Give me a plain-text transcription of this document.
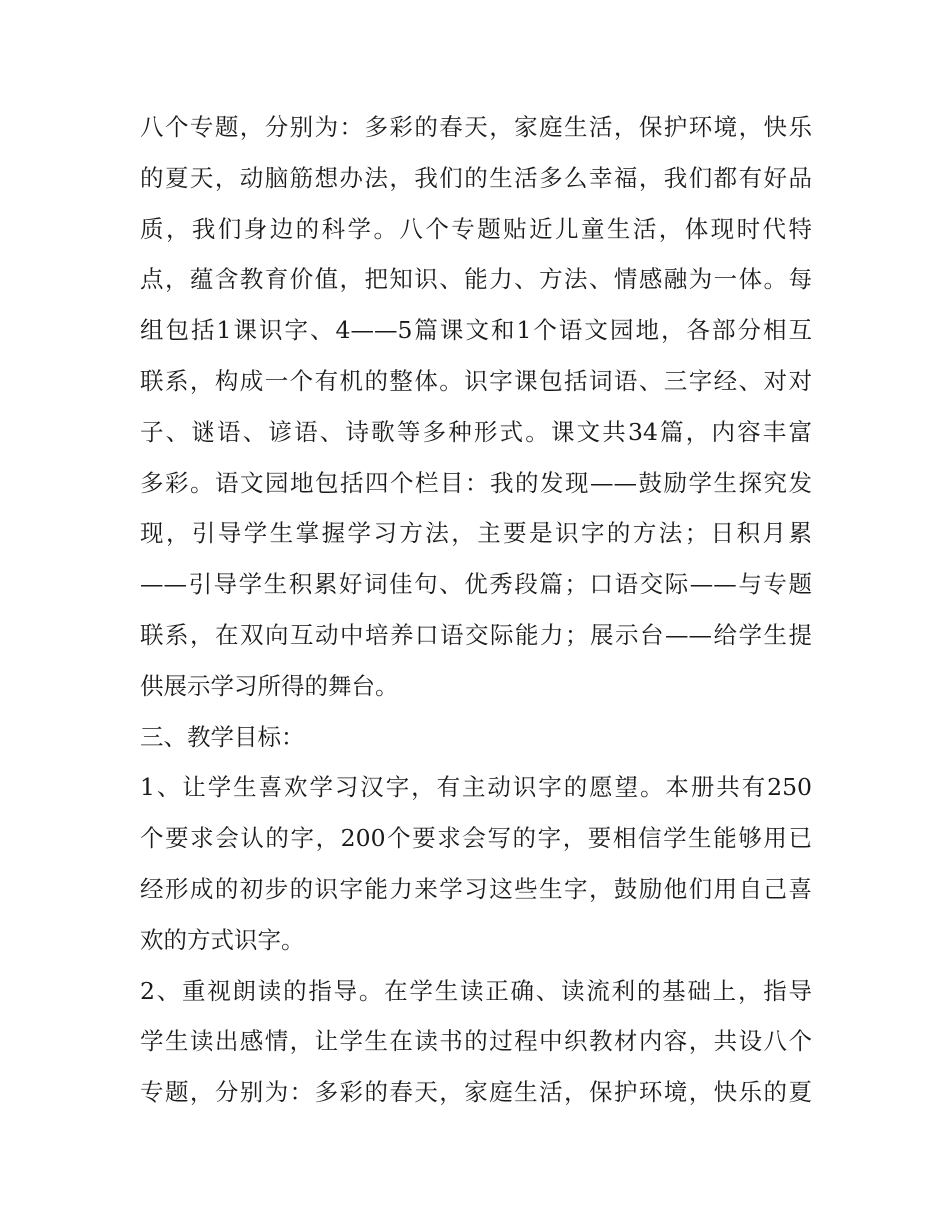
八个专题，分别为：多彩的春天，家庭生活，保护环境，快乐
的夏天，动脑筋想办法，我们的生活多么幸福，我们都有好品
质，我们身边的科学。八个专题贴近儿童生活，体现时代特
点，蕴含教育价值，把知识、能力、方法、情感融为一体。每
组包括1课识字、4——5篇课文和1个语文园地，各部分相互
联系，构成一个有机的整体。识字课包括词语、三字经、对对
子、谜语、谚语、诗歌等多种形式。课文共34篇，内容丰富
多彩。语文园地包括四个栏目：我的发现——鼓励学生探究发
现，引导学生掌握学习方法，主要是识字的方法；日积月累
——引导学生积累好词佳句、优秀段篇；口语交际——与专题
联系，在双向互动中培养口语交际能力；展示台——给学生提
供展示学习所得的舞台。
三、教学目标：
1、让学生喜欢学习汉字，有主动识字的愿望。本册共有250
个要求会认的字，200个要求会写的字，要相信学生能够用已
经形成的初步的识字能力来学习这些生字，鼓励他们用自己喜
欢的方式识字。
2、重视朗读的指导。在学生读正确、读流利的基础上，指导
学生读出感情，让学生在读书的过程中织教材内容，共设八个
专题，分别为：多彩的春天，家庭生活，保护环境，快乐的夏
